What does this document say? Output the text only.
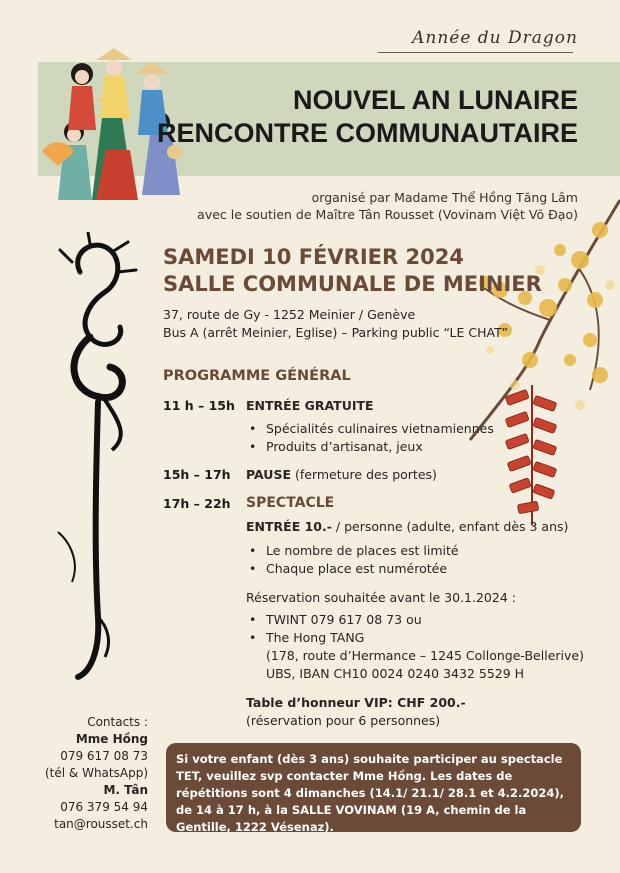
Année du Dragon
NOUVEL AN LUNAIRE
RENCONTRE COMMUNAUTAIRE
organisé par Madame Thể Hồng Tăng Lâm
avec le soutien de Maître Tân Rousset (Vovinam Việt Võ Đạo)
SAMEDI 10 FÉVRIER 2024
SALLE COMMUNALE DE MEINIER
37, route de Gy - 1252 Meinier / Genève
Bus A (arrêt Meinier, Eglise) – Parking public “LE CHAT”
PROGRAMME GÉNÉRAL
11 h – 15h ENTRÉE GRATUITE
• Spécialités culinaires vietnamiennes
• Produits d’artisanat, jeux
15h – 17h PAUSE (fermeture des portes)
17h – 22h SPECTACLE
ENTRÉE 10.- / personne (adulte, enfant dès 3 ans)
• Le nombre de places est limité
• Chaque place est numérotée
Réservation souhaitée avant le 30.1.2024 :
• TWINT 079 617 08 73 ou
• The Hong TANG
(178, route d’Hermance – 1245 Collonge-Bellerive)
UBS, IBAN CH10 0024 0240 3432 5529 H
Table d’honneur VIP: CHF 200.-
(réservation pour 6 personnes)
Contacts :
Mme Hồng
079 617 08 73
(tél & WhatsApp)
M. Tân
076 379 54 94
tan@rousset.ch
Si votre enfant (dès 3 ans) souhaite participer au spectacle TET, veuillez svp contacter Mme Hồng. Les dates de répétitions sont 4 dimanches (14.1/ 21.1/ 28.1 et 4.2.2024), de 14 à 17 h, à la SALLE VOVINAM (19 A, chemin de la Gentille, 1222 Vésenaz).
